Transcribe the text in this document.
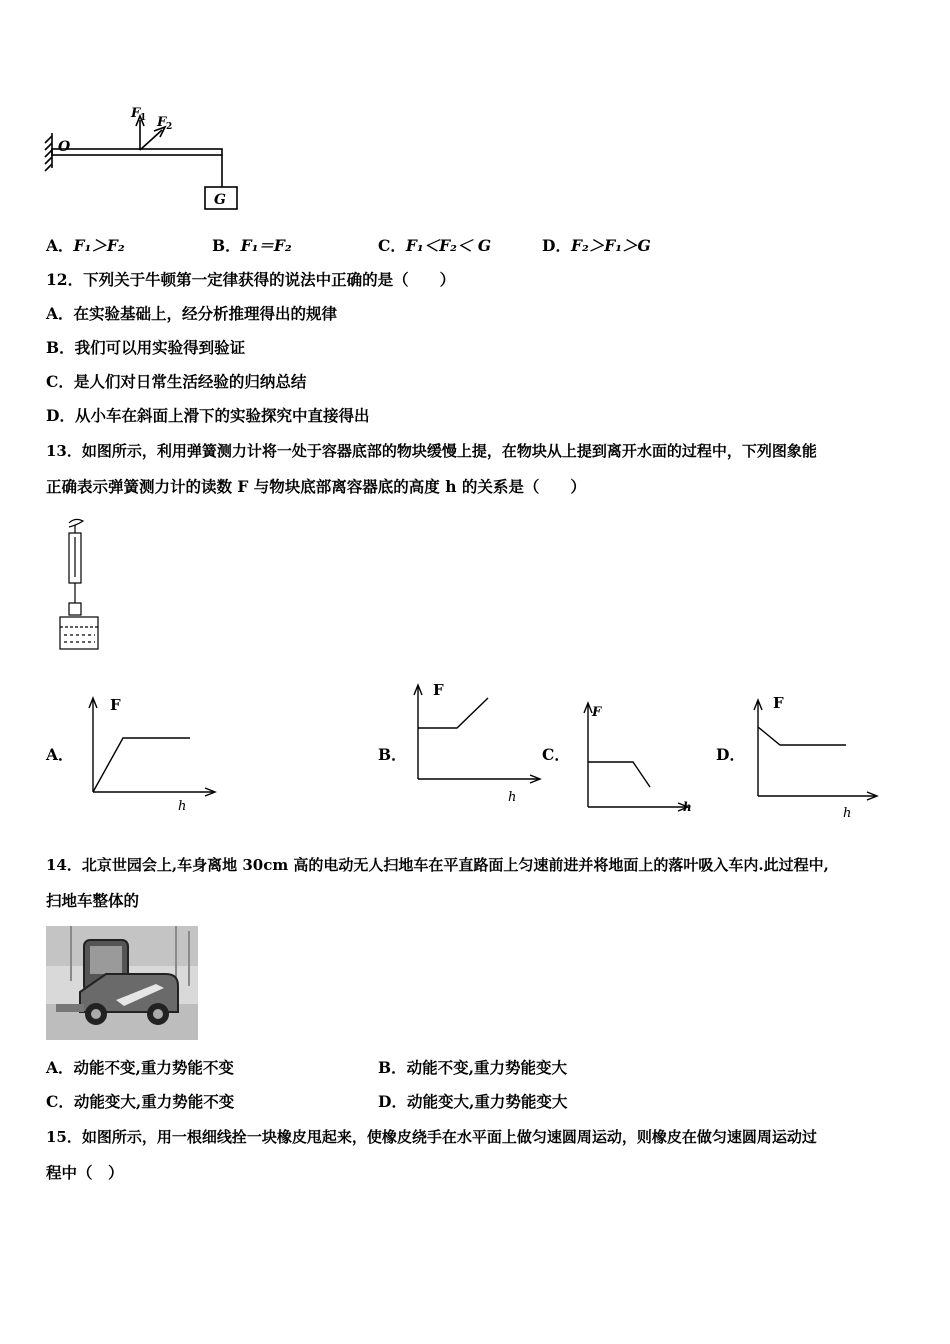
O
F 1 F 2
G
A．F₁＞F₂	B．F₁＝F₂	C．F₁＜F₂＜ G	D．F₂＞F₁＞G
12．下列关于牛顿第一定律获得的说法中正确的是（　　）
A．在实验基础上，经分析推理得出的规律
B．我们可以用实验得到验证
C．是人们对日常生活经验的归纳总结
D．从小车在斜面上滑下的实验探究中直接得出
13．如图所示，利用弹簧测力计将一处于容器底部的物块缓慢上提，在物块从上提到离开水面的过程中，下列图象能
正确表示弹簧测力计的读数 F 与物块底部离容器底的高度 h 的关系是（　　）
A．
F
h
B．
F
h
C．
F
h
D．
F
h
14．北京世园会上,车身离地 30cm 高的电动无人扫地车在平直路面上匀速前进并将地面上的落叶吸入车内.此过程中,
扫地车整体的
A．动能不变,重力势能不变	B．动能不变,重力势能变大
C．动能变大,重力势能不变	D．动能变大,重力势能变大
15．如图所示，用一根细线拴一块橡皮甩起来，使橡皮绕手在水平面上做匀速圆周运动，则橡皮在做匀速圆周运动过
程中（　）
